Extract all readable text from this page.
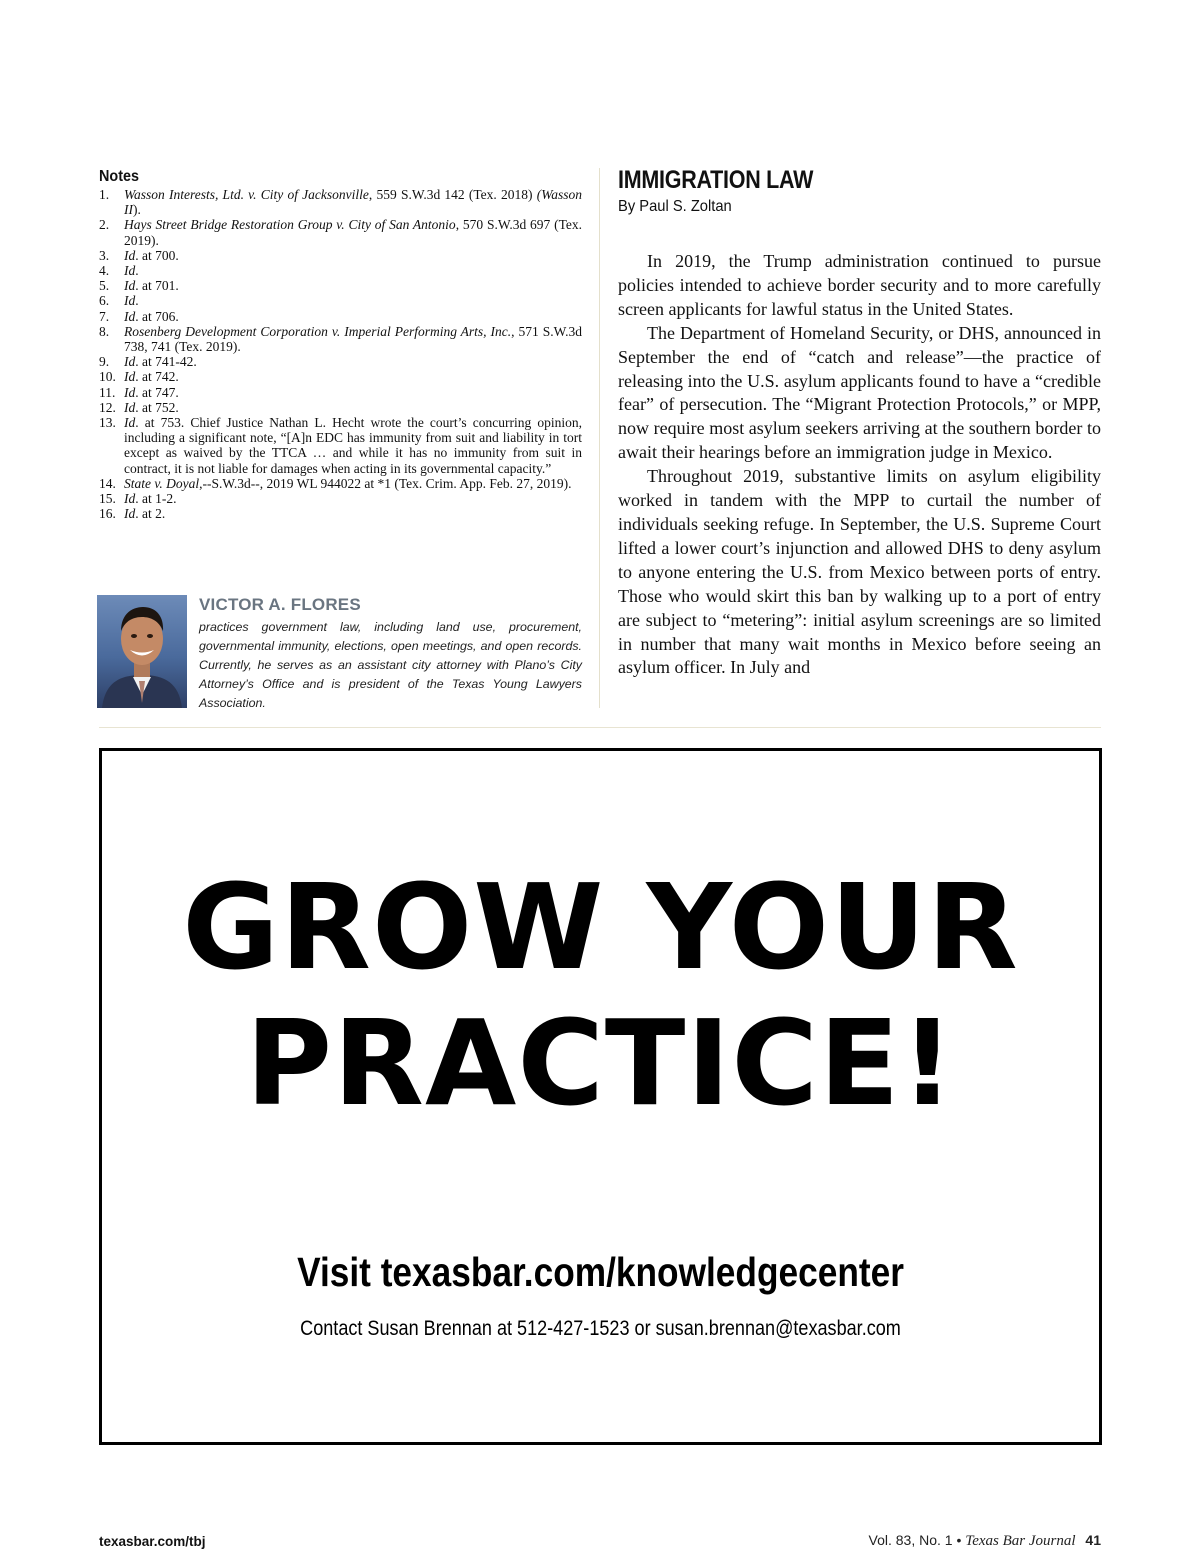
Notes
1. Wasson Interests, Ltd. v. City of Jacksonville, 559 S.W.3d 142 (Tex. 2018) (Wasson II).
2. Hays Street Bridge Restoration Group v. City of San Antonio, 570 S.W.3d 697 (Tex. 2019).
3. Id. at 700.
4. Id.
5. Id. at 701.
6. Id.
7. Id. at 706.
8. Rosenberg Development Corporation v. Imperial Performing Arts, Inc., 571 S.W.3d 738, 741 (Tex. 2019).
9. Id. at 741-42.
10. Id. at 742.
11. Id. at 747.
12. Id. at 752.
13. Id. at 753. Chief Justice Nathan L. Hecht wrote the court’s concurring opinion, including a significant note, “[A]n EDC has immunity from suit and liability in tort except as waived by the TTCA … and while it has no immunity from suit in contract, it is not liable for damages when acting in its governmental capacity.”
14. State v. Doyal,--S.W.3d--, 2019 WL 944022 at *1 (Tex. Crim. App. Feb. 27, 2019).
15. Id. at 1-2.
16. Id. at 2.
VICTOR A. FLORES
practices government law, including land use, procurement, governmental immunity, elections, open meetings, and open records. Currently, he serves as an assistant city attorney with Plano’s City Attorney’s Office and is president of the Texas Young Lawyers Association.
IMMIGRATION LAW
By Paul S. Zoltan

In 2019, the Trump administration continued to pursue policies intended to achieve border security and to more carefully screen applicants for lawful status in the United States.

The Department of Homeland Security, or DHS, announced in September the end of “catch and release”—the practice of releasing into the U.S. asylum applicants found to have a “credible fear” of persecution. The “Migrant Protection Protocols,” or MPP, now require most asylum seekers arriving at the southern border to await their hearings before an immigration judge in Mexico.

Throughout 2019, substantive limits on asylum eligibility worked in tandem with the MPP to curtail the number of individuals seeking refuge. In September, the U.S. Supreme Court lifted a lower court’s injunction and allowed DHS to deny asylum to anyone entering the U.S. from Mexico between ports of entry. Those who would skirt this ban by walking up to a port of entry are subject to “metering”: initial asylum screenings are so limited in number that many wait months in Mexico before seeing an asylum officer. In July and

GROW YOUR
PRACTICE!
Visit texasbar.com/knowledgecenter
Contact Susan Brennan at 512-427-1523 or susan.brennan@texasbar.com
texasbar.com/tbj	Vol. 83, No. 1 • Texas Bar Journal 41
